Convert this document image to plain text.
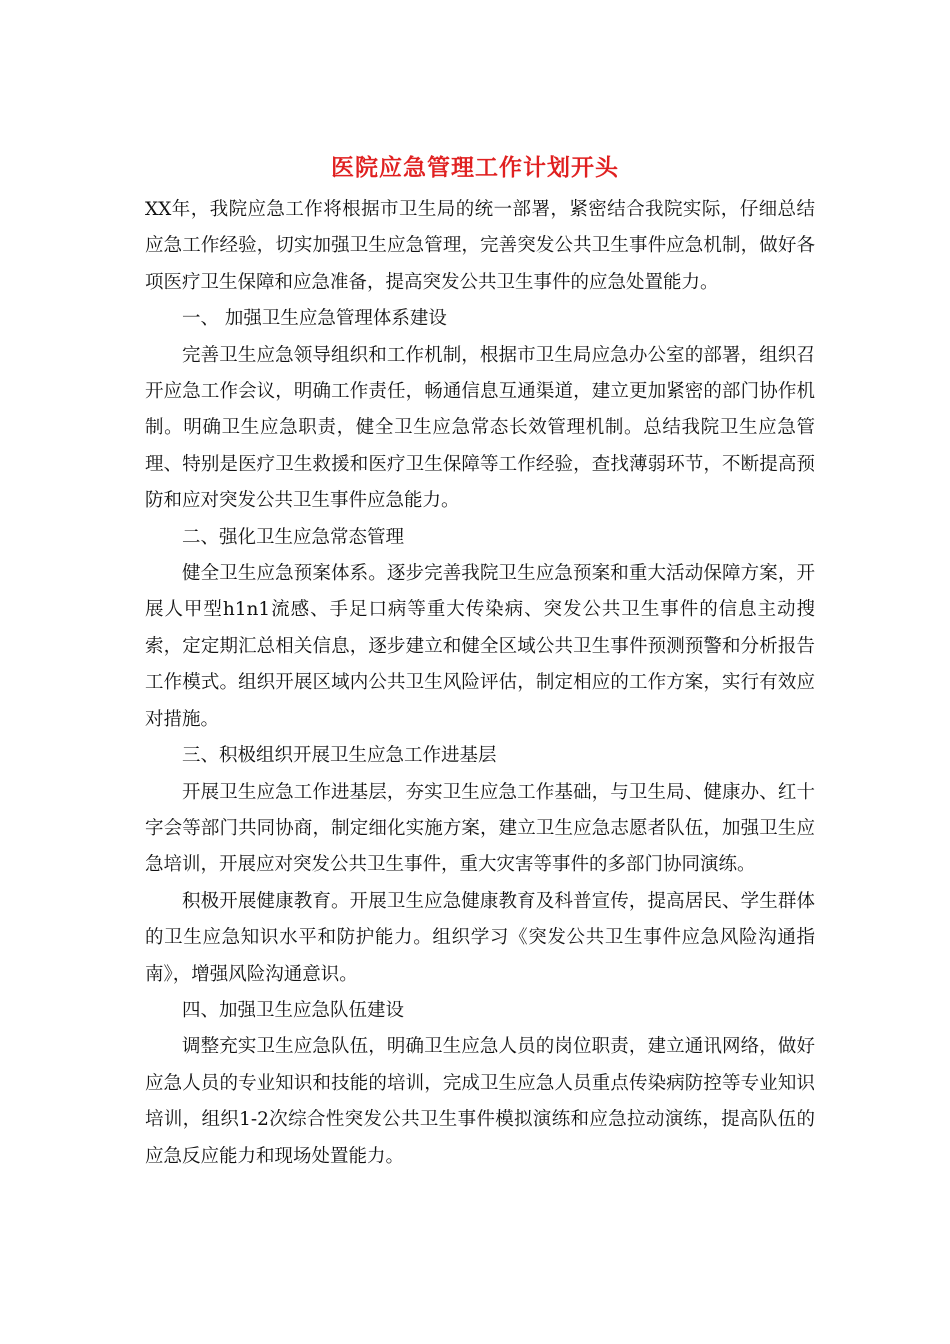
医院应急管理工作计划开头

XX年，我院应急工作将根据市卫生局的统一部署，紧密结合我院实际，仔细总结应急工作经验，切实加强卫生应急管理，完善突发公共卫生事件应急机制，做好各项医疗卫生保障和应急准备，提高突发公共卫生事件的应急处置能力。

一、 加强卫生应急管理体系建设

完善卫生应急领导组织和工作机制，根据市卫生局应急办公室的部署，组织召开应急工作会议，明确工作责任，畅通信息互通渠道，建立更加紧密的部门协作机制。明确卫生应急职责，健全卫生应急常态长效管理机制。总结我院卫生应急管理、特别是医疗卫生救援和医疗卫生保障等工作经验，查找薄弱环节，不断提高预防和应对突发公共卫生事件应急能力。

二、强化卫生应急常态管理

健全卫生应急预案体系。逐步完善我院卫生应急预案和重大活动保障方案，开展人甲型h1n1流感、手足口病等重大传染病、突发公共卫生事件的信息主动搜索，定定期汇总相关信息，逐步建立和健全区域公共卫生事件预测预警和分析报告工作模式。组织开展区域内公共卫生风险评估，制定相应的工作方案，实行有效应对措施。

三、积极组织开展卫生应急工作进基层

开展卫生应急工作进基层，夯实卫生应急工作基础，与卫生局、健康办、红十字会等部门共同协商，制定细化实施方案，建立卫生应急志愿者队伍，加强卫生应急培训，开展应对突发公共卫生事件，重大灾害等事件的多部门协同演练。

积极开展健康教育。开展卫生应急健康教育及科普宣传，提高居民、学生群体的卫生应急知识水平和防护能力。组织学习《突发公共卫生事件应急风险沟通指南》，增强风险沟通意识。

四、加强卫生应急队伍建设

调整充实卫生应急队伍，明确卫生应急人员的岗位职责，建立通讯网络，做好应急人员的专业知识和技能的培训，完成卫生应急人员重点传染病防控等专业知识培训，组织1-2次综合性突发公共卫生事件模拟演练和应急拉动演练，提高队伍的应急反应能力和现场处置能力。
